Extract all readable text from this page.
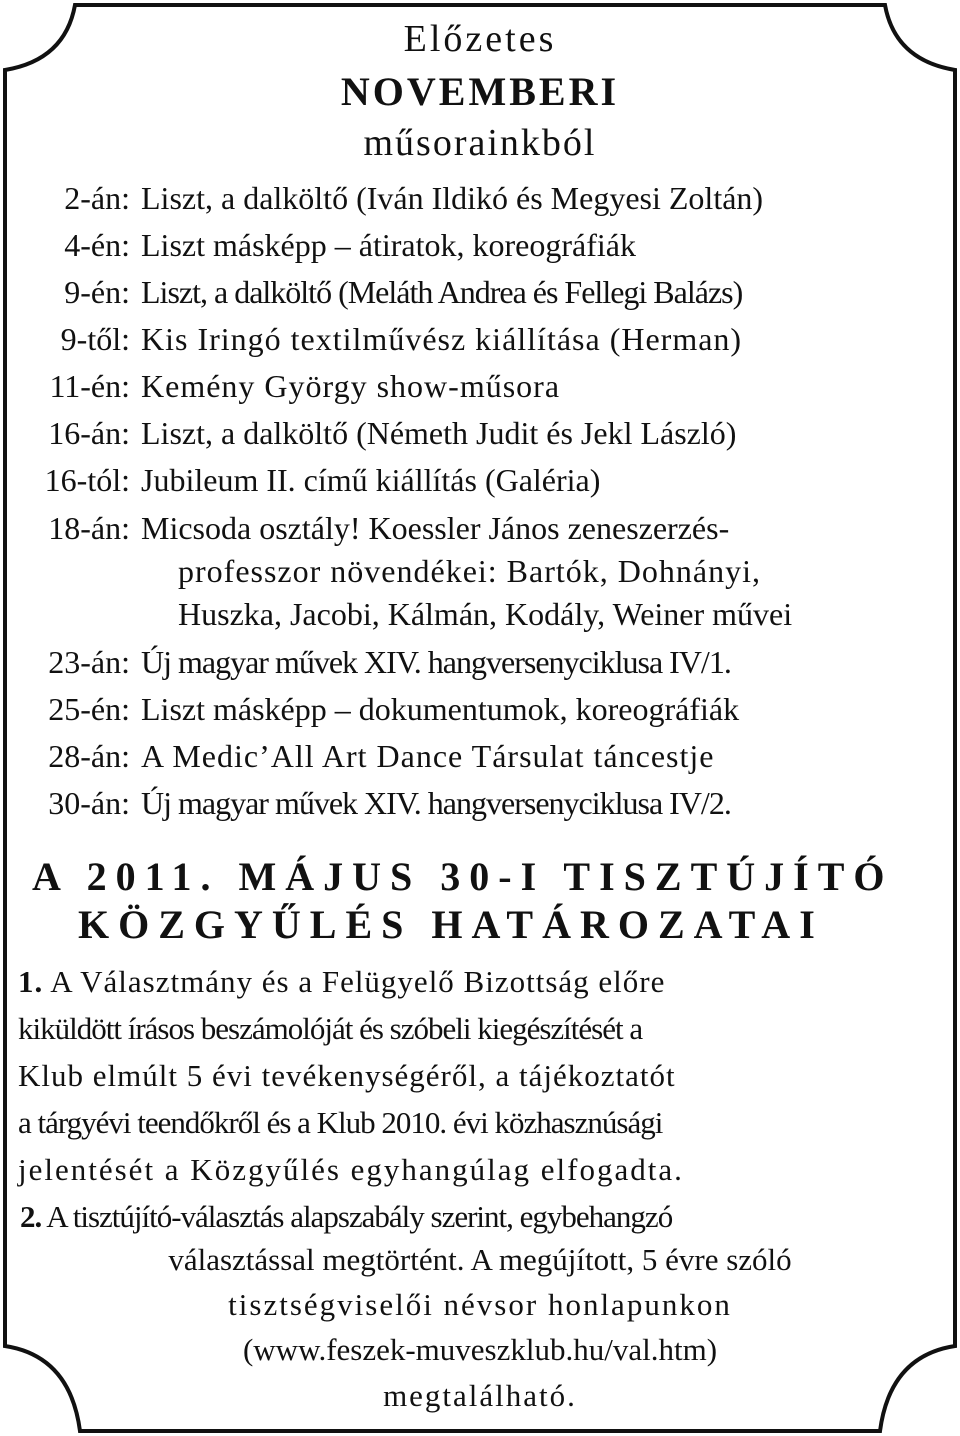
Előzetes
NOVEMBERI
műsorainkból
2-án: Liszt, a dalköltő (Iván Ildikó és Megyesi Zoltán)
4-én: Liszt másképp – átiratok, koreográfiák
9-én: Liszt, a dalköltő (Meláth Andrea és Fellegi Balázs)
9-től: Kis Iringó textilművész kiállítása (Herman)
11-én: Kemény György show-műsora
16-án: Liszt, a dalköltő (Németh Judit és Jekl László)
16-tól: Jubileum II. című kiállítás (Galéria)
18-án: Micsoda osztály! Koessler János zeneszerzés-
professzor növendékei: Bartók, Dohnányi,
Huszka, Jacobi, Kálmán, Kodály, Weiner művei
23-án: Új magyar művek XIV. hangversenyciklusa IV/1.
25-én: Liszt másképp – dokumentumok, koreográfiák
28-án: A Medic’All Art Dance Társulat táncestje
30-án: Új magyar művek XIV. hangversenyciklusa IV/2.
A 2011. MÁJUS 30-I TISZTÚJÍTÓ
KÖZGYŰLÉS HATÁROZATAI
1. A Választmány és a Felügyelő Bizottság előre
kiküldött írásos beszámolóját és szóbeli kiegészítését a
Klub elmúlt 5 évi tevékenységéről, a tájékoztatót
a tárgyévi teendőkről és a Klub 2010. évi közhasznúsági
jelentését a Közgyűlés egyhangúlag elfogadta.
2. A tisztújító-választás alapszabály szerint, egybehangzó
választással megtörtént. A megújított, 5 évre szóló
tisztségviselői névsor honlapunkon
(www.feszek-muveszklub.hu/val.htm)
megtalálható.
